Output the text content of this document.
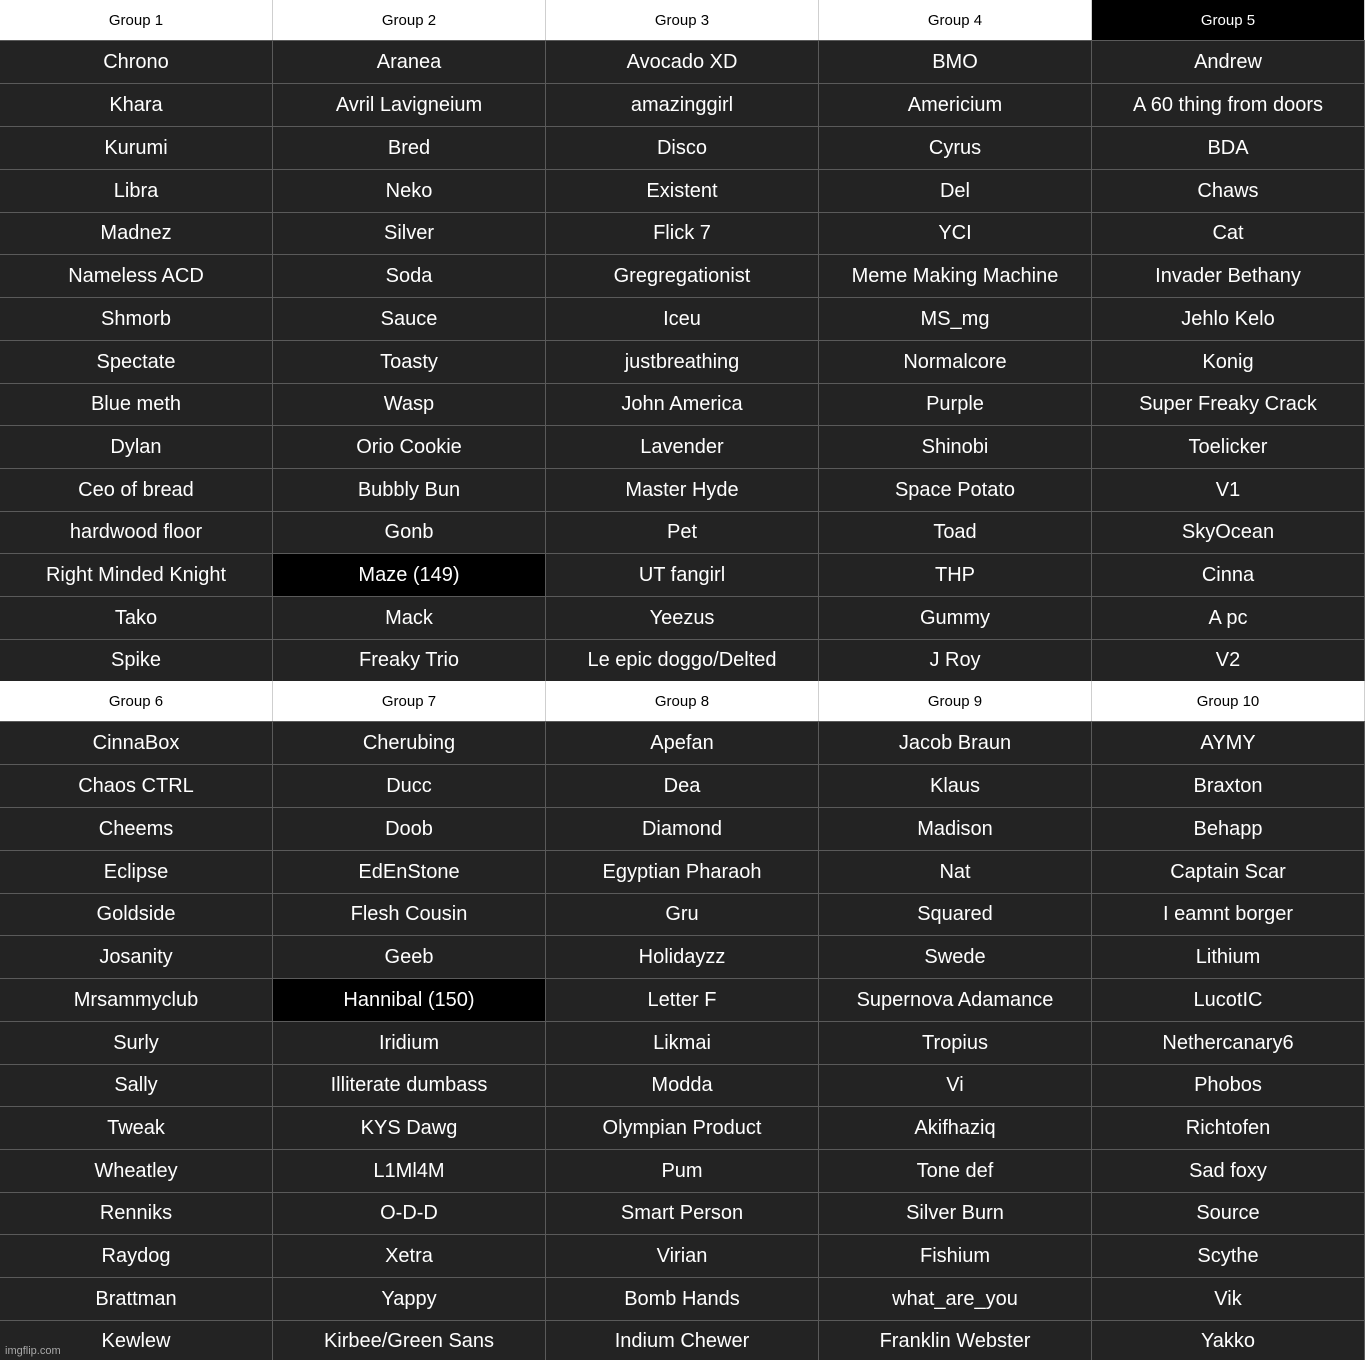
Group 1	Group 2	Group 3	Group 4	Group 5
Chrono	Aranea	Avocado XD	BMO	Andrew
Khara	Avril Lavigneium	amazinggirl	Americium	A 60 thing from doors
Kurumi	Bred	Disco	Cyrus	BDA
Libra	Neko	Existent	Del	Chaws
Madnez	Silver	Flick 7	YCI	Cat
Nameless ACD	Soda	Gregregationist	Meme Making Machine	Invader Bethany
Shmorb	Sauce	Iceu	MS_mg	Jehlo Kelo
Spectate	Toasty	justbreathing	Normalcore	Konig
Blue meth	Wasp	John America	Purple	Super Freaky Crack
Dylan	Orio Cookie	Lavender	Shinobi	Toelicker
Ceo of bread	Bubbly Bun	Master Hyde	Space Potato	V1
hardwood floor	Gonb	Pet	Toad	SkyOcean
Right Minded Knight	Maze (149)	UT fangirl	THP	Cinna
Tako	Mack	Yeezus	Gummy	A pc
Spike	Freaky Trio	Le epic doggo/Delted	J Roy	V2
Group 6	Group 7	Group 8	Group 9	Group 10
CinnaBox	Cherubing	Apefan	Jacob Braun	AYMY
Chaos CTRL	Ducc	Dea	Klaus	Braxton
Cheems	Doob	Diamond	Madison	Behapp
Eclipse	EdEnStone	Egyptian Pharaoh	Nat	Captain Scar
Goldside	Flesh Cousin	Gru	Squared	I eamnt borger
Josanity	Geeb	Holidayzz	Swede	Lithium
Mrsammyclub	Hannibal (150)	Letter F	Supernova Adamance	LucotIC
Surly	Iridium	Likmai	Tropius	Nethercanary6
Sally	Illiterate dumbass	Modda	Vi	Phobos
Tweak	KYS Dawg	Olympian Product	Akifhaziq	Richtofen
Wheatley	L1Ml4M	Pum	Tone def	Sad foxy
Renniks	O-D-D	Smart Person	Silver Burn	Source
Raydog	Xetra	Virian	Fishium	Scythe
Brattman	Yappy	Bomb Hands	what_are_you	Vik
Kewlew	Kirbee/Green Sans	Indium Chewer	Franklin Webster	Yakko
imgflip.com
